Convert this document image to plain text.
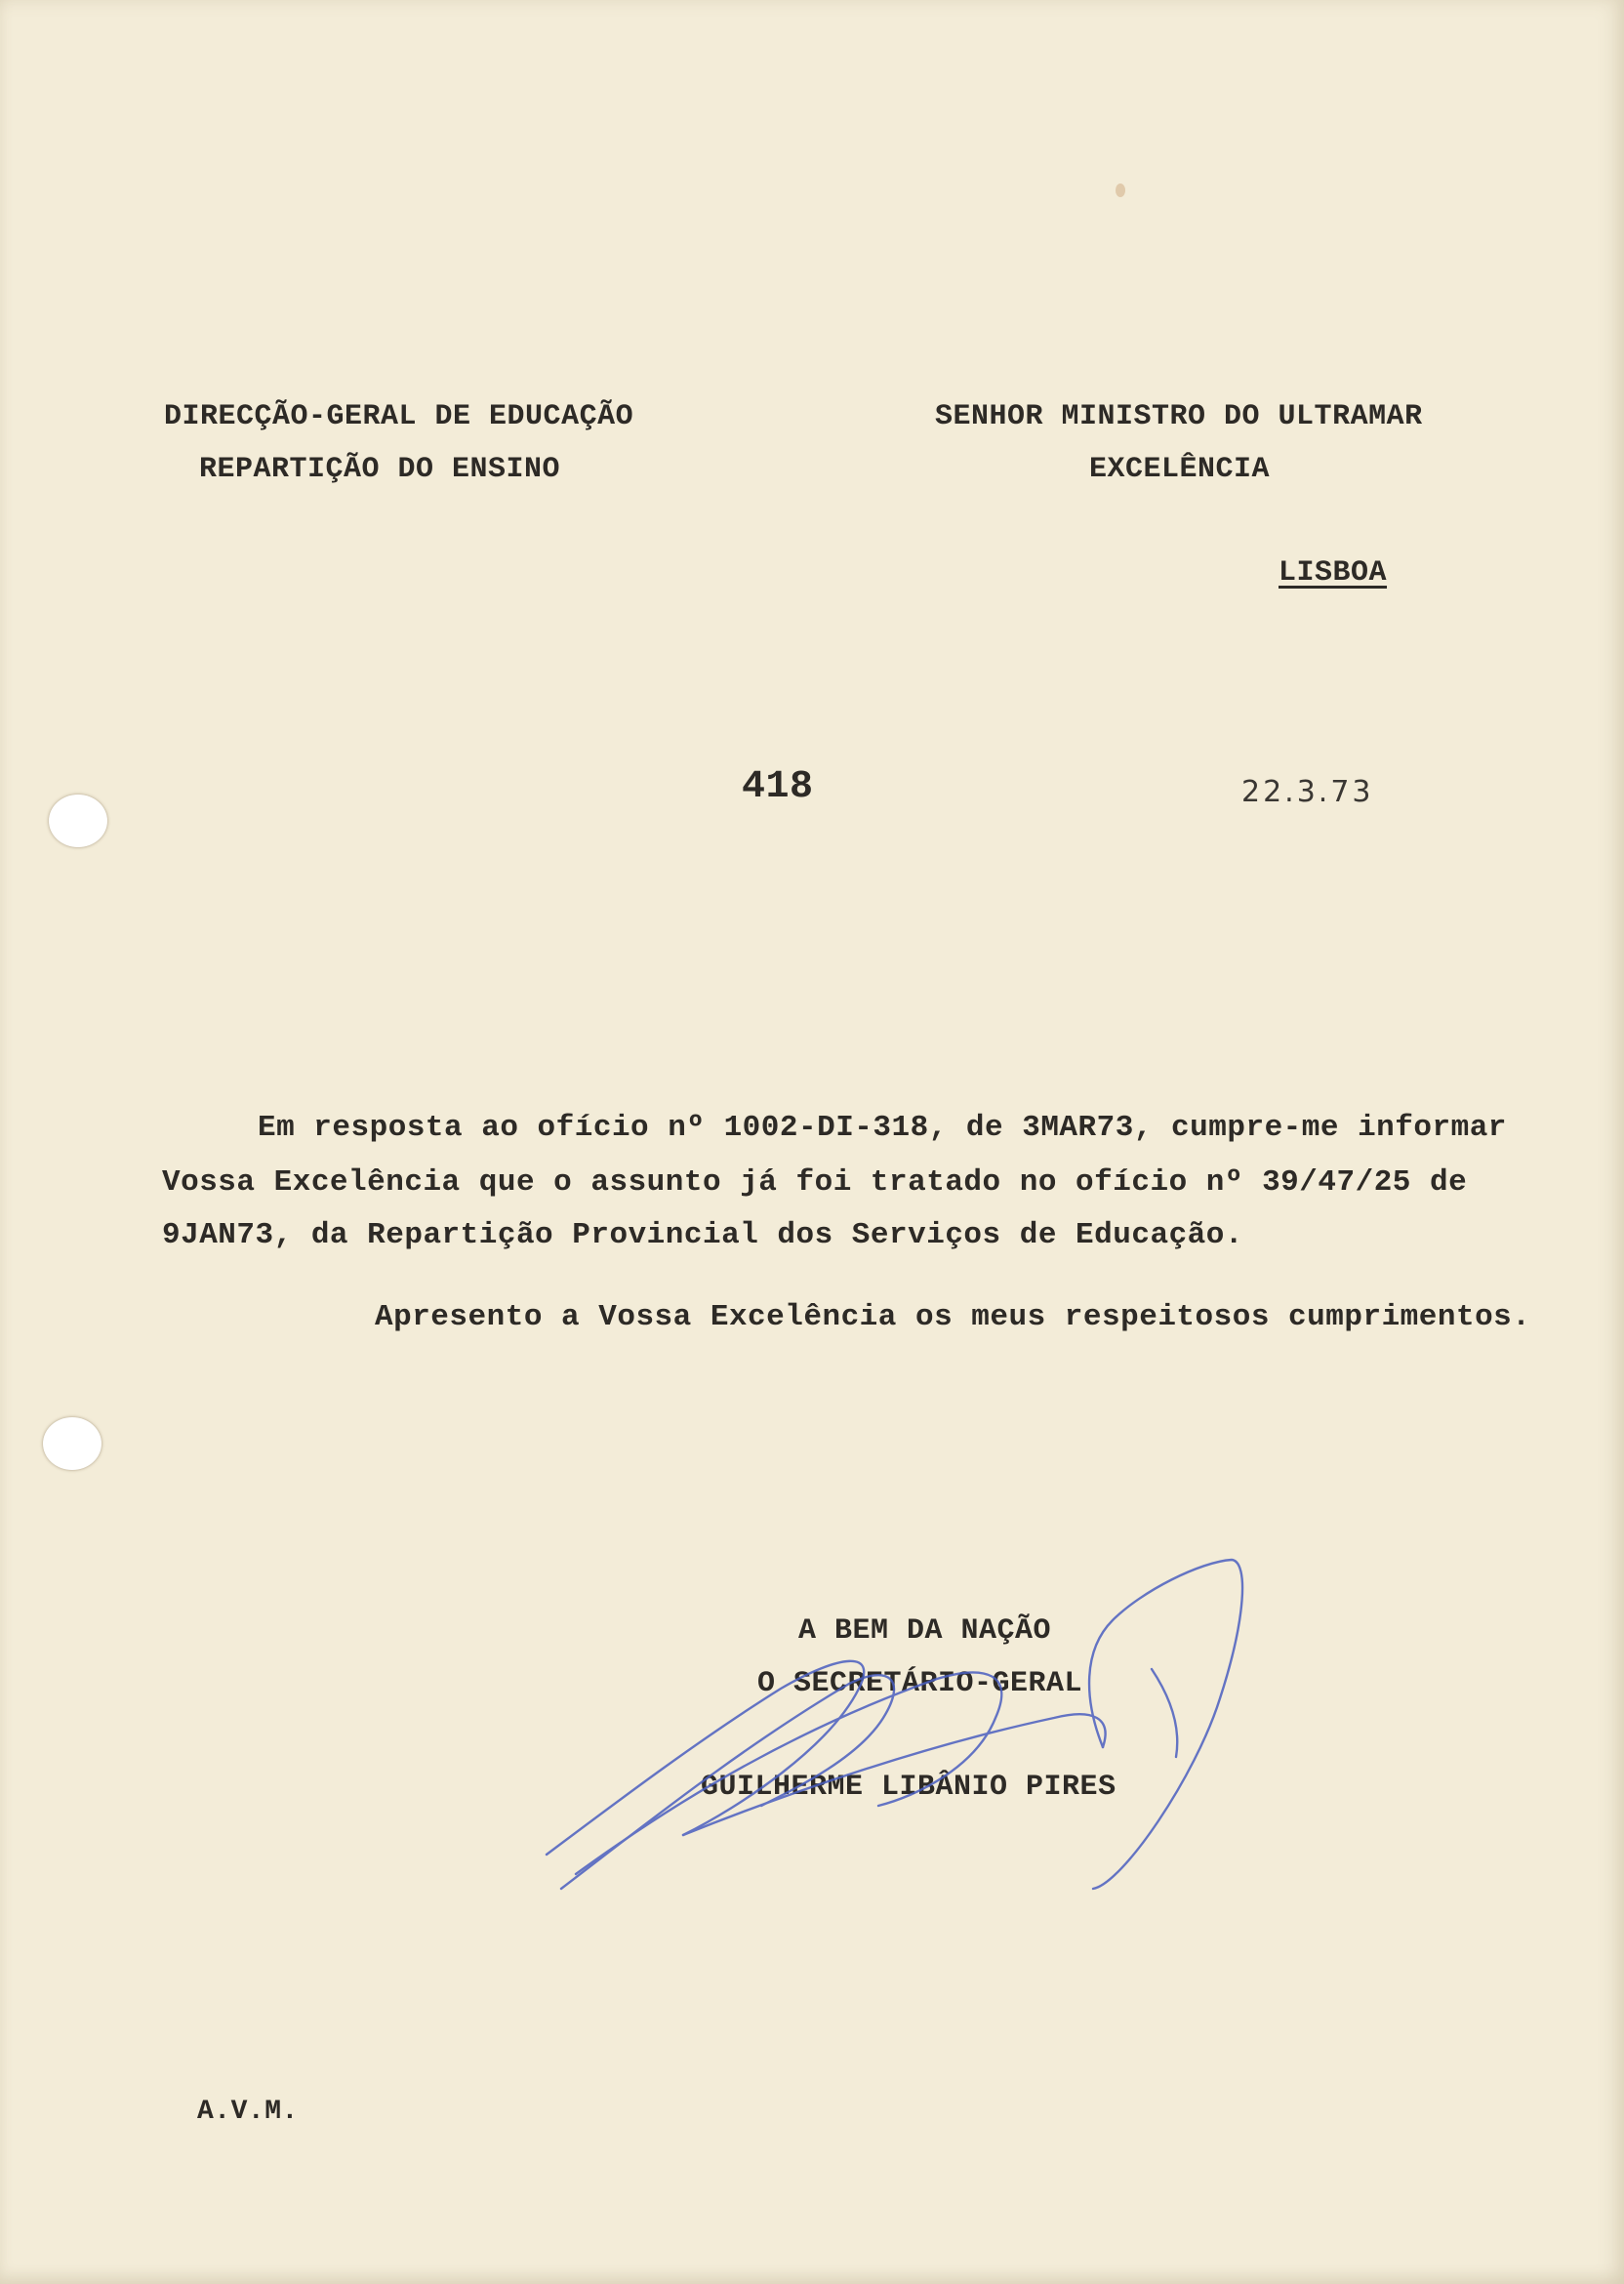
DIRECÇÃO-GERAL DE EDUCAÇÃO
REPARTIÇÃO DO ENSINO
SENHOR MINISTRO DO ULTRAMAR
EXCELÊNCIA
LISBOA
418	22.3.73
Em resposta ao ofício nº 1002-DI-318, de 3MAR73, cumpre-me informar
Vossa Excelência que o assunto já foi tratado no ofício nº 39/47/25 de
9JAN73, da Repartição Provincial dos Serviços de Educação.
Apresento a Vossa Excelência os meus respeitosos cumprimentos.
A BEM DA NAÇÃO
O SECRETÁRIO-GERAL
GUILHERME LIBÂNIO PIRES
A.V.M.
